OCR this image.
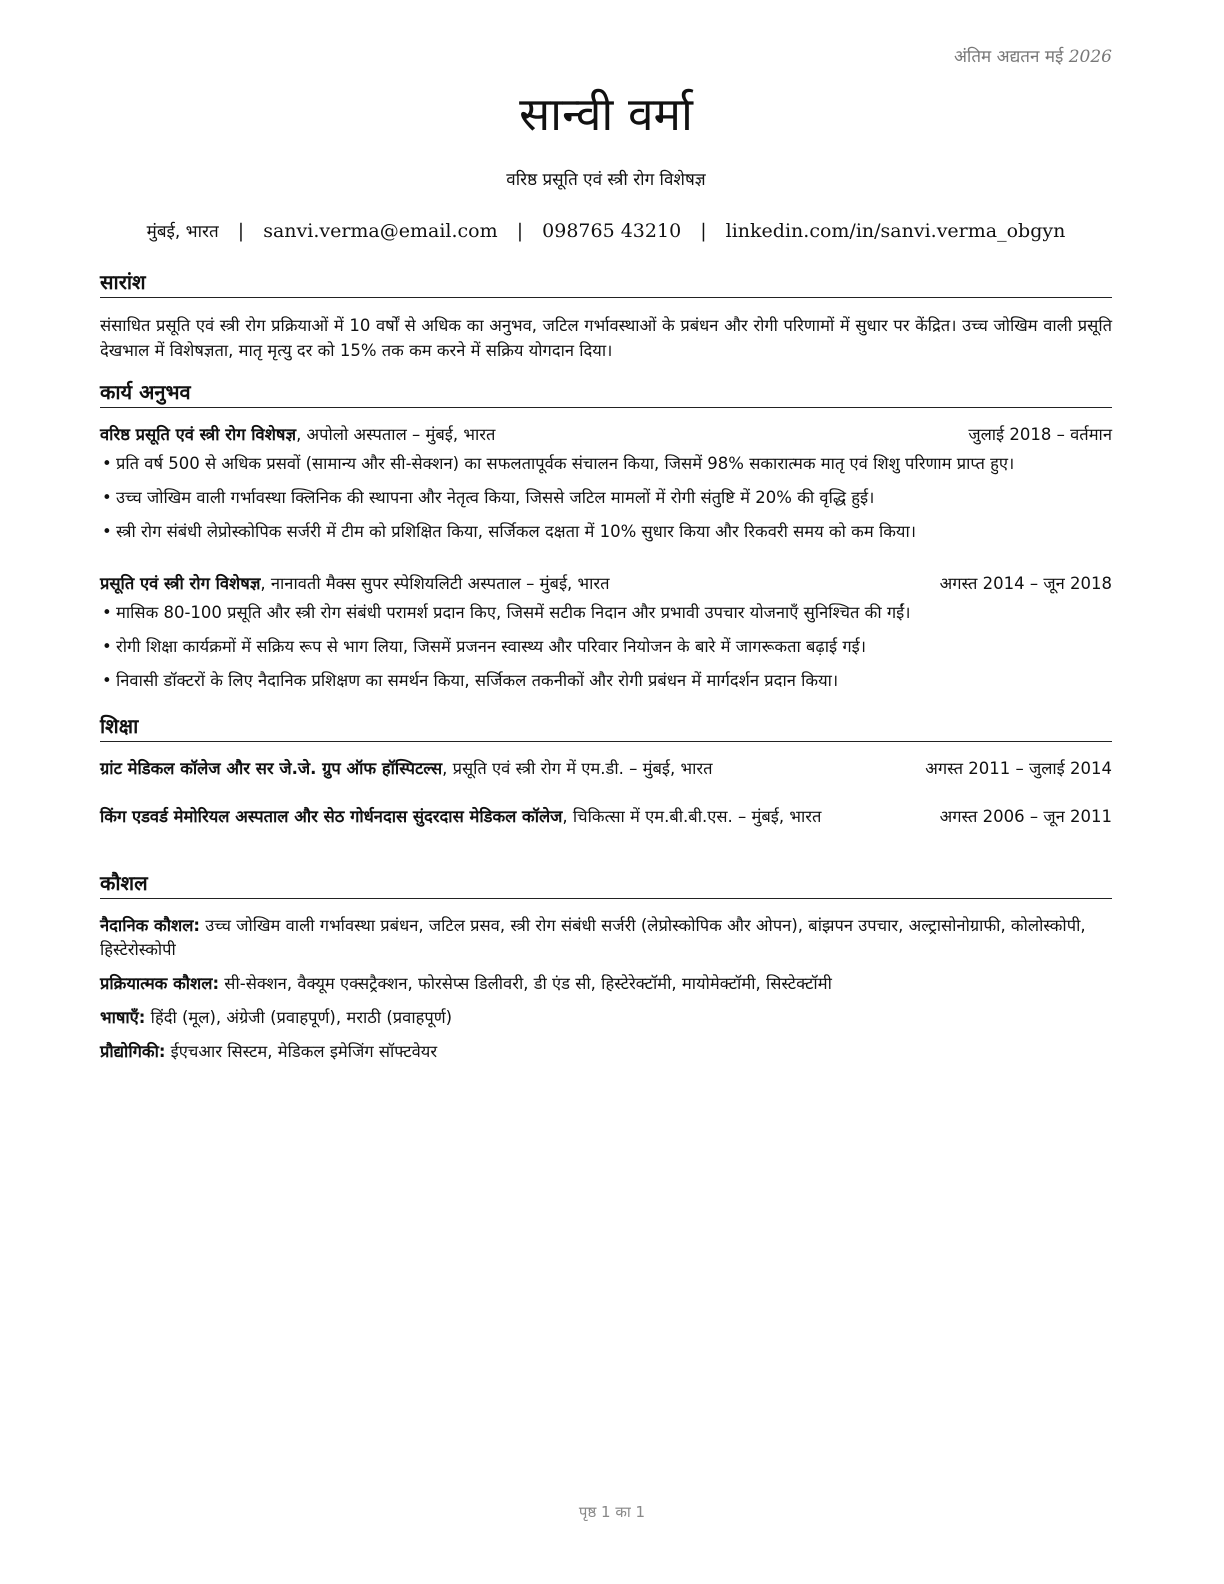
अंतिम अद्यतन मई 2026
सान्वी वर्मा
वरिष्ठ प्रसूति एवं स्त्री रोग विशेषज्ञ
मुंबई, भारत | sanvi.verma@email.com | 098765 43210 | linkedin.com/in/sanvi.verma_obgyn
सारांश
संसाधित प्रसूति एवं स्त्री रोग प्रक्रियाओं में 10 वर्षों से अधिक का अनुभव, जटिल गर्भावस्थाओं के प्रबंधन और रोगी परिणामों में सुधार पर केंद्रित। उच्च जोखिम वाली प्रसूति देखभाल में विशेषज्ञता, मातृ मृत्यु दर को 15% तक कम करने में सक्रिय योगदान दिया।
कार्य अनुभव
वरिष्ठ प्रसूति एवं स्त्री रोग विशेषज्ञ, अपोलो अस्पताल – मुंबई, भारत	जुलाई 2018 – वर्तमान
• प्रति वर्ष 500 से अधिक प्रसवों (सामान्य और सी-सेक्शन) का सफलतापूर्वक संचालन किया, जिसमें 98% सकारात्मक मातृ एवं शिशु परिणाम प्राप्त हुए।
• उच्च जोखिम वाली गर्भावस्था क्लिनिक की स्थापना और नेतृत्व किया, जिससे जटिल मामलों में रोगी संतुष्टि में 20% की वृद्धि हुई।
• स्त्री रोग संबंधी लेप्रोस्कोपिक सर्जरी में टीम को प्रशिक्षित किया, सर्जिकल दक्षता में 10% सुधार किया और रिकवरी समय को कम किया।
प्रसूति एवं स्त्री रोग विशेषज्ञ, नानावती मैक्स सुपर स्पेशियलिटी अस्पताल – मुंबई, भारत	अगस्त 2014 – जून 2018
• मासिक 80-100 प्रसूति और स्त्री रोग संबंधी परामर्श प्रदान किए, जिसमें सटीक निदान और प्रभावी उपचार योजनाएँ सुनिश्चित की गईं।
• रोगी शिक्षा कार्यक्रमों में सक्रिय रूप से भाग लिया, जिसमें प्रजनन स्वास्थ्य और परिवार नियोजन के बारे में जागरूकता बढ़ाई गई।
• निवासी डॉक्टरों के लिए नैदानिक प्रशिक्षण का समर्थन किया, सर्जिकल तकनीकों और रोगी प्रबंधन में मार्गदर्शन प्रदान किया।
शिक्षा
ग्रांट मेडिकल कॉलेज और सर जे.जे. ग्रुप ऑफ हॉस्पिटल्स, प्रसूति एवं स्त्री रोग में एम.डी. – मुंबई, भारत	अगस्त 2011 – जुलाई 2014
किंग एडवर्ड मेमोरियल अस्पताल और सेठ गोर्धनदास सुंदरदास मेडिकल कॉलेज, चिकित्सा में एम.बी.बी.एस. – मुंबई, भारत	अगस्त 2006 – जून 2011
कौशल
नैदानिक कौशल: उच्च जोखिम वाली गर्भावस्था प्रबंधन, जटिल प्रसव, स्त्री रोग संबंधी सर्जरी (लेप्रोस्कोपिक और ओपन), बांझपन उपचार, अल्ट्रासोनोग्राफी, कोलोस्कोपी, हिस्टेरोस्कोपी
प्रक्रियात्मक कौशल: सी-सेक्शन, वैक्यूम एक्सट्रैक्शन, फोरसेप्स डिलीवरी, डी एंड सी, हिस्टेरेक्टॉमी, मायोमेक्टॉमी, सिस्टेक्टॉमी
भाषाएँ: हिंदी (मूल), अंग्रेजी (प्रवाहपूर्ण), मराठी (प्रवाहपूर्ण)
प्रौद्योगिकी: ईएचआर सिस्टम, मेडिकल इमेजिंग सॉफ्टवेयर
पृष्ठ 1 का 1
